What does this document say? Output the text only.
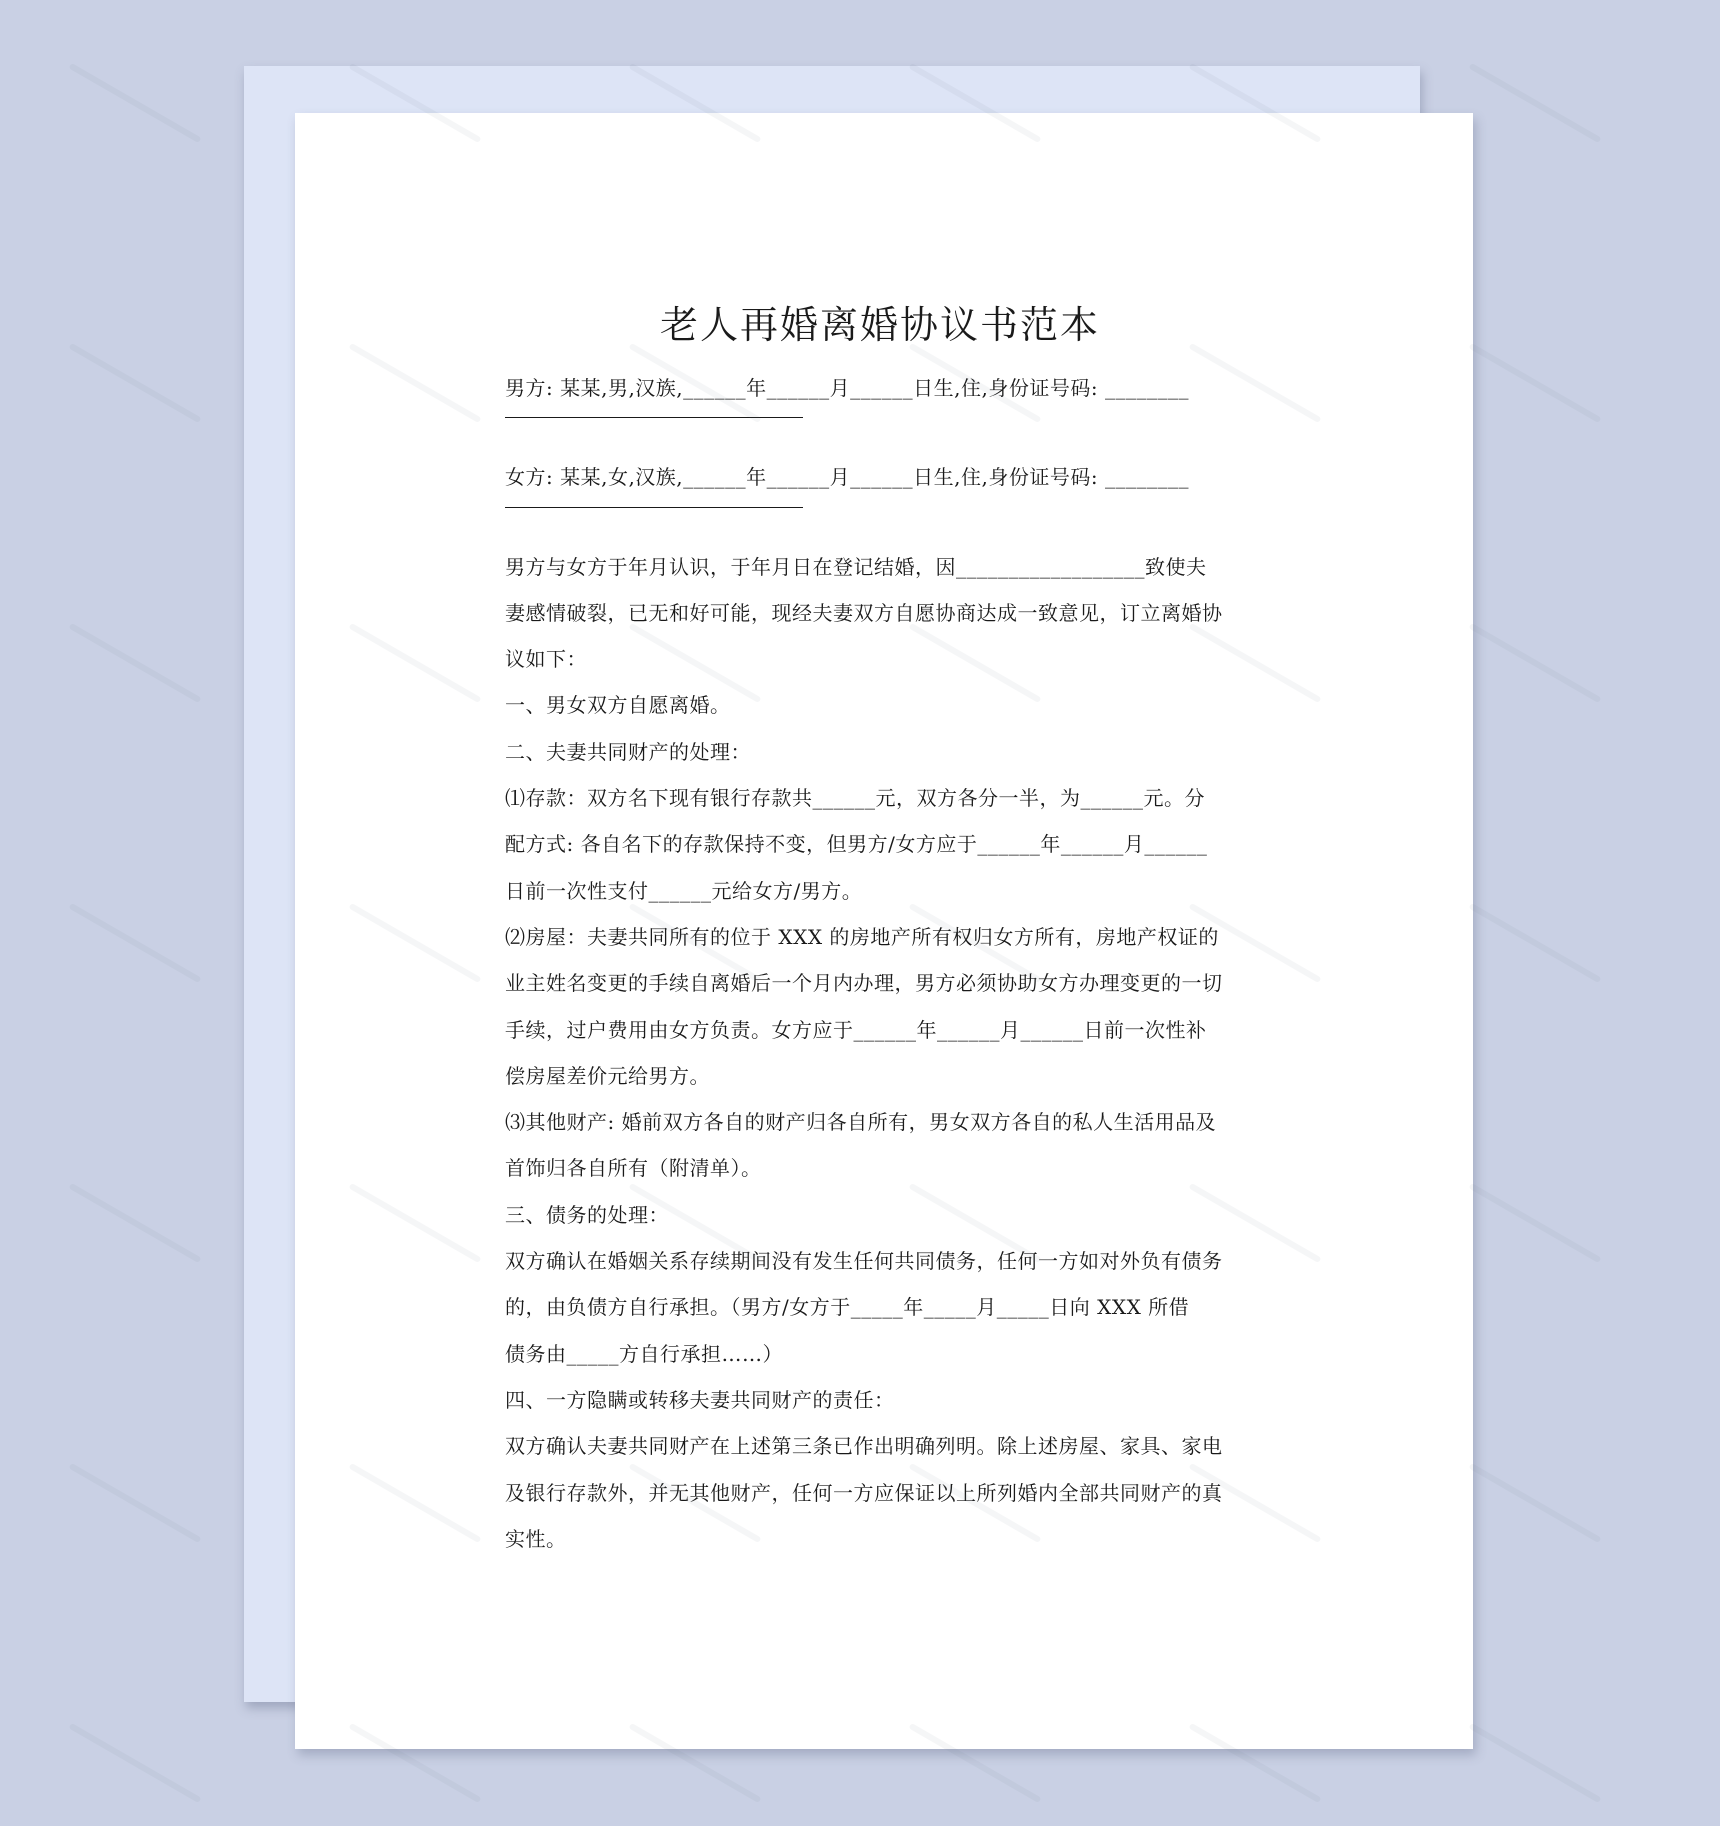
老人再婚离婚协议书范本

男方: 某某,男,汉族,______年______月______日生,住,身份证号码: ________

女方: 某某,女,汉族,______年______月______日生,住,身份证号码: ________

男方与女方于年月认识，于年月日在登记结婚，因__________________致使夫

妻感情破裂，已无和好可能，现经夫妻双方自愿协商达成一致意见，订立离婚协

议如下：

一、男女双方自愿离婚。

二、夫妻共同财产的处理：

⑴存款：双方名下现有银行存款共______元，双方各分一半，为______元。分

配方式: 各自名下的存款保持不变，但男方/女方应于______年______月______

日前一次性支付______元给女方/男方。

⑵房屋：夫妻共同所有的位于 XXX 的房地产所有权归女方所有，房地产权证的

业主姓名变更的手续自离婚后一个月内办理，男方必须协助女方办理变更的一切

手续，过户费用由女方负责。女方应于______年______月______日前一次性补

偿房屋差价元给男方。

⑶其他财产: 婚前双方各自的财产归各自所有，男女双方各自的私人生活用品及

首饰归各自所有（附清单）。

三、债务的处理：

双方确认在婚姻关系存续期间没有发生任何共同债务，任何一方如对外负有债务

的，由负债方自行承担。（男方/女方于_____年_____月_____日向 XXX 所借

债务由_____方自行承担……）

四、一方隐瞒或转移夫妻共同财产的责任：

双方确认夫妻共同财产在上述第三条已作出明确列明。除上述房屋、家具、家电

及银行存款外，并无其他财产，任何一方应保证以上所列婚内全部共同财产的真

实性。
